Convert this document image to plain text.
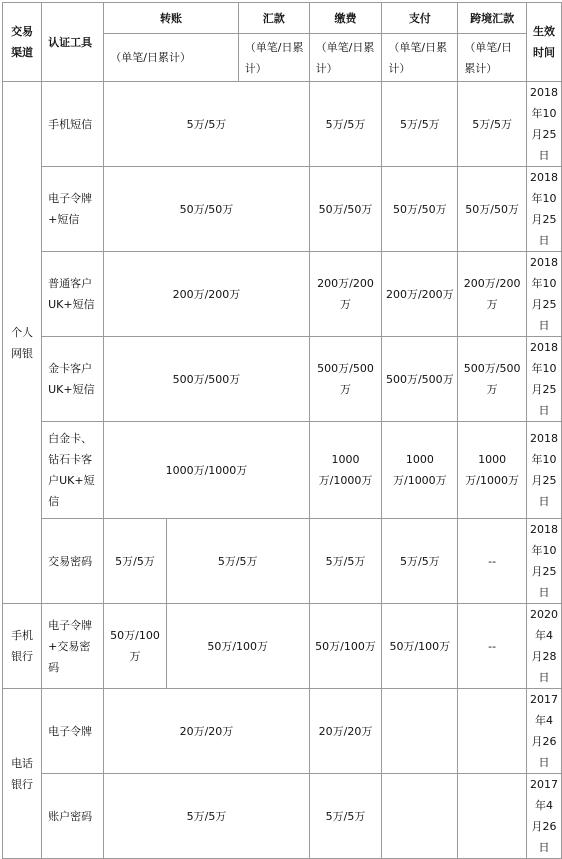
交易渠道	认证工具	转账		汇款	缴费	支付	跨境汇款	生效时间
		（单笔/日累计）		（单笔/日累计）	（单笔/日累计）	（单笔/日累计）	（单笔/日累计）	
个人网银	手机短信	5万/5万			5万/5万	5万/5万	5万/5万	2018年10月25日
	电子令牌+短信	50万/50万			50万/50万	50万/50万	50万/50万	2018年10月25日
	普通客户UK+短信	200万/200万			200万/200万	200万/200万	200万/200万	2018年10月25日
	金卡客户UK+短信	500万/500万			500万/500万	500万/500万	500万/500万	2018年10月25日
	白金卡、钻石卡客户UK+短信	1000万/1000万			1000万/1000万	1000万/1000万	1000万/1000万	2018年10月25日
	交易密码	5万/5万	5万/5万		5万/5万	5万/5万	--	2018年10月25日
手机银行	电子令牌+交易密码	50万/100万	50万/100万		50万/100万	50万/100万	--	2020年4月28日
电话银行	电子令牌	20万/20万			20万/20万			2017年4月26日
	账户密码	5万/5万			5万/5万			2017年4月26日
